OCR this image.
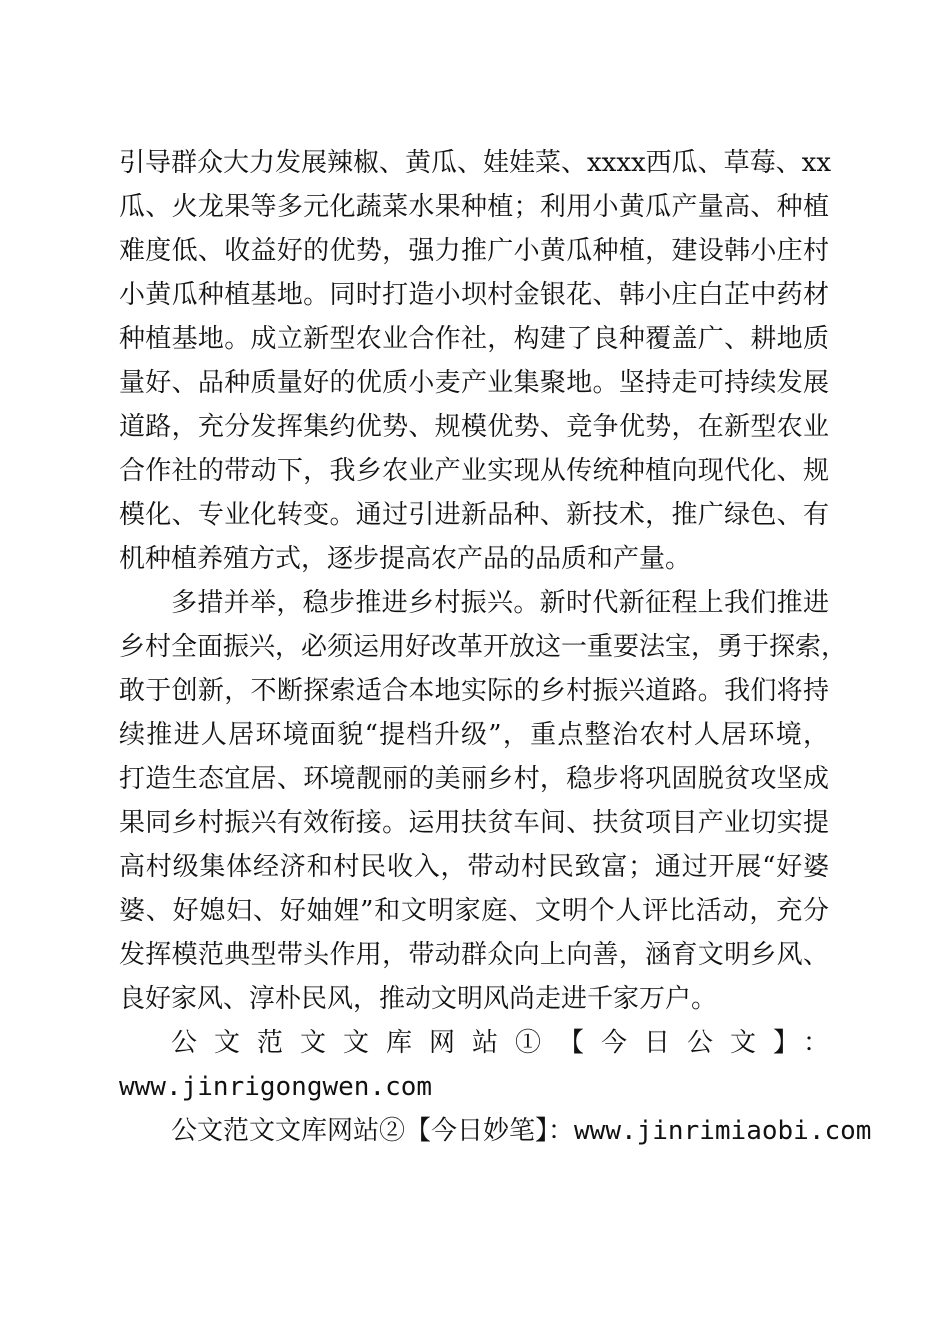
引导群众大力发展辣椒、黄瓜、娃娃菜、xxxx西瓜、草莓、xx
瓜、火龙果等多元化蔬菜水果种植；利用小黄瓜产量高、种植
难度低、收益好的优势，强力推广小黄瓜种植，建设韩小庄村
小黄瓜种植基地。同时打造小坝村金银花、韩小庄白芷中药材
种植基地。成立新型农业合作社，构建了良种覆盖广、耕地质
量好、品种质量好的优质小麦产业集聚地。坚持走可持续发展
道路，充分发挥集约优势、规模优势、竞争优势，在新型农业
合作社的带动下，我乡农业产业实现从传统种植向现代化、规
模化、专业化转变。通过引进新品种、新技术，推广绿色、有
机种植养殖方式，逐步提高农产品的品质和产量。
多措并举，稳步推进乡村振兴。新时代新征程上我们推进
乡村全面振兴，必须运用好改革开放这一重要法宝，勇于探索，
敢于创新，不断探索适合本地实际的乡村振兴道路。我们将持
续推进人居环境面貌“提档升级”，重点整治农村人居环境，
打造生态宜居、环境靓丽的美丽乡村，稳步将巩固脱贫攻坚成
果同乡村振兴有效衔接。运用扶贫车间、扶贫项目产业切实提
高村级集体经济和村民收入，带动村民致富；通过开展“好婆
婆、好媳妇、好妯娌”和文明家庭、文明个人评比活动，充分
发挥模范典型带头作用，带动群众向上向善，涵育文明乡风、
良好家风、淳朴民风，推动文明风尚走进千家万户。
公文范文文库网站①【今日公文】：
www.jinrigongwen.com
公文范文文库网站②【今日妙笔】：www.jinrimiaobi.com
